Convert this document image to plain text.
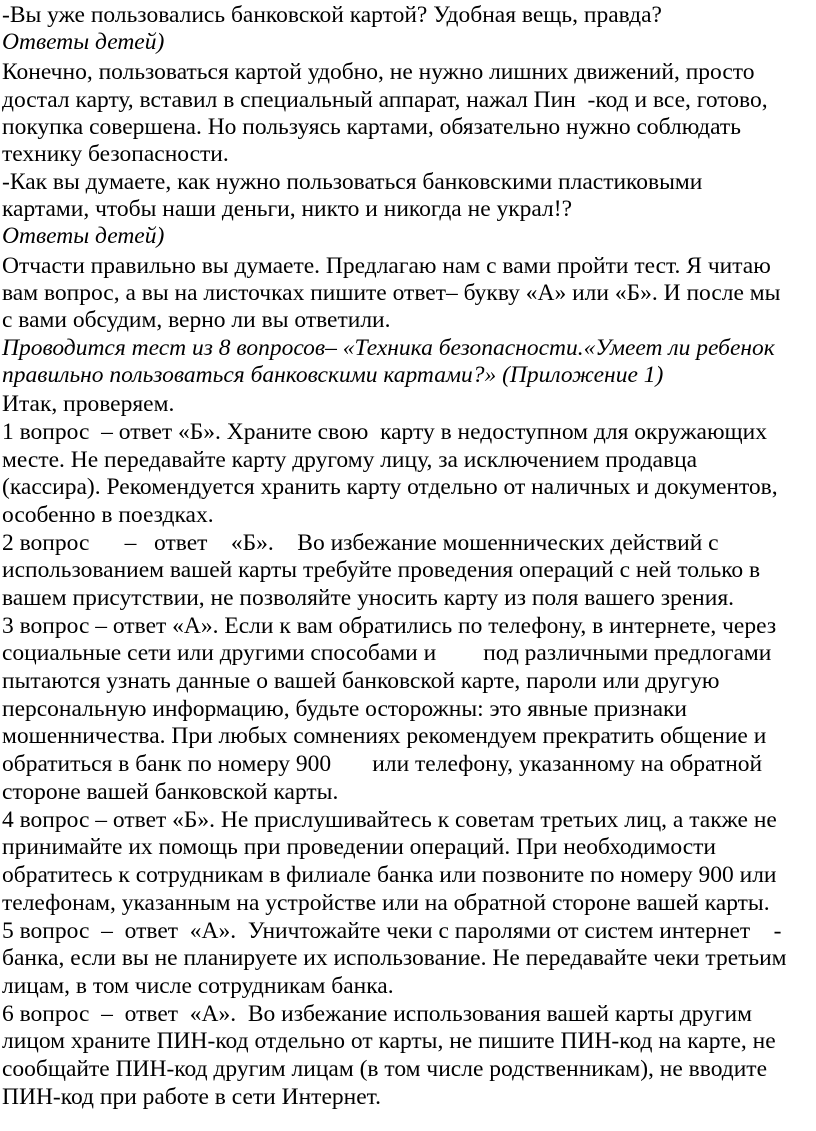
-Вы уже пользовались банковской картой? Удобная вещь, правда?
Ответы детей)
Конечно, пользоваться картой удобно, не нужно лишних движений, просто
достал карту, вставил в специальный аппарат, нажал Пин  -код и все, готово,
покупка совершена. Но пользуясь картами, обязательно нужно соблюдать
технику безопасности.
-Как вы думаете, как нужно пользоваться банковскими пластиковыми
картами, чтобы наши деньги, никто и никогда не украл!?
Ответы детей)
Отчасти правильно вы думаете. Предлагаю нам с вами пройти тест. Я читаю
вам вопрос, а вы на листочках пишите ответ– букву «А» или «Б». И после мы
с вами обсудим, верно ли вы ответили.
Проводится тест из 8 вопросов– «Техника безопасности.«Умеет ли ребенок
правильно пользоваться банковскими картами?» (Приложение 1)
Итак, проверяем.
1 вопрос  – ответ «Б». Храните свою  карту в недоступном для окружающих
месте. Не передавайте карту другому лицу, за исключением продавца
(кассира). Рекомендуется хранить карту отдельно от наличных и документов,
особенно в поездках.
2 вопрос      –   ответ    «Б».    Во избежание мошеннических действий с
использованием вашей карты требуйте проведения операций с ней только в
вашем присутствии, не позволяйте уносить карту из поля вашего зрения.
3 вопрос – ответ «А». Если к вам обратились по телефону, в интернете, через
социальные сети или другими способами и        под различными предлогами
пытаются узнать данные о вашей банковской карте, пароли или другую
персональную информацию, будьте осторожны: это явные признаки
мошенничества. При любых сомнениях рекомендуем прекратить общение и
обратиться в банк по номеру 900       или телефону, указанному на обратной
стороне вашей банковской карты.
4 вопрос – ответ «Б». Не прислушивайтесь к советам третьих лиц, а также не
принимайте их помощь при проведении операций. При необходимости
обратитесь к сотрудникам в филиале банка или позвоните по номеру 900 или
телефонам, указанным на устройстве или на обратной стороне вашей карты.
5 вопрос  –  ответ  «А».  Уничтожайте чеки с паролями от систем интернет    -
банка, если вы не планируете их использование. Не передавайте чеки третьим
лицам, в том числе сотрудникам банка.
6 вопрос  –  ответ  «А».  Во избежание использования вашей карты другим
лицом храните ПИН-код отдельно от карты, не пишите ПИН-код на карте, не
сообщайте ПИН-код другим лицам (в том числе родственникам), не вводите
ПИН-код при работе в сети Интернет.
